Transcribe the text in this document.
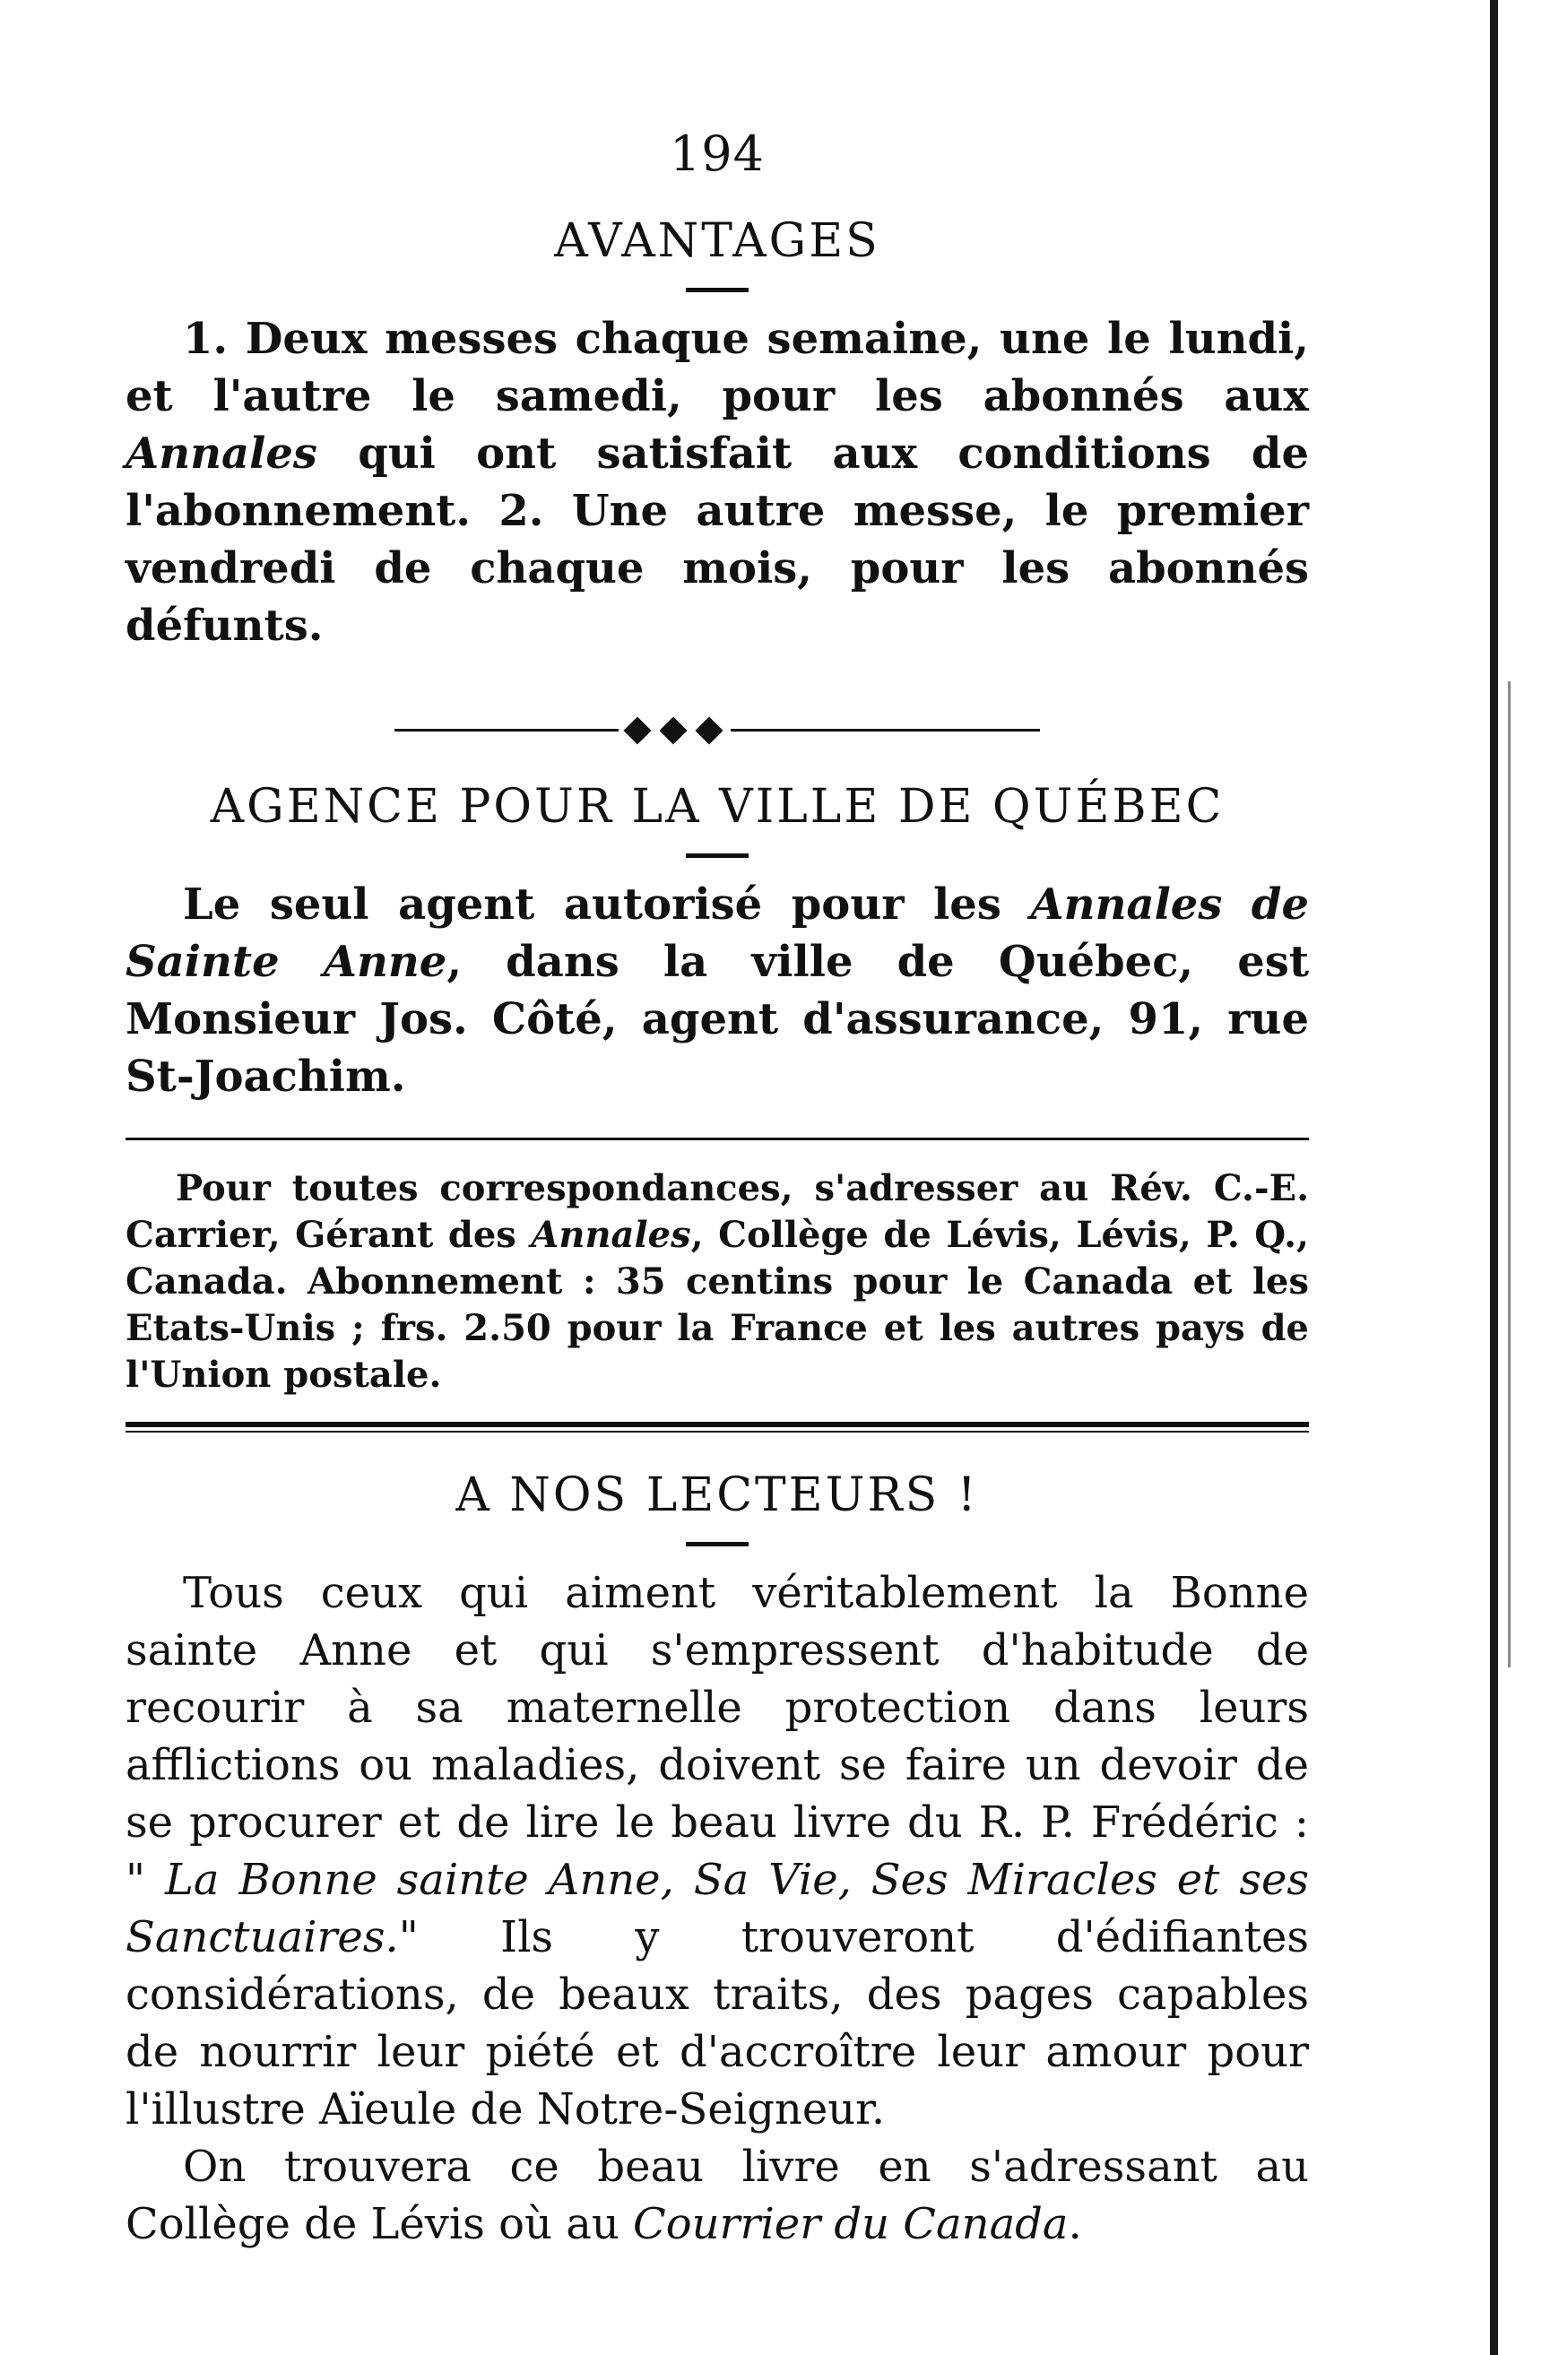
194
AVANTAGES

1. Deux messes chaque semaine, une le lundi, et l'autre le samedi, pour les abonnés aux Annales qui ont satisfait aux conditions de l'abonnement. 2. Une autre messe, le premier vendredi de chaque mois, pour les abonnés défunts.

AGENCE POUR LA VILLE DE QUÉBEC

Le seul agent autorisé pour les Annales de Sainte Anne, dans la ville de Québec, est Monsieur Jos. Côté, agent d'assurance, 91, rue St-Joachim.

Pour toutes correspondances, s'adresser au Rév. C.-E. Carrier, Gérant des Annales, Collège de Lévis, Lévis, P. Q., Canada. Abonnement : 35 centins pour le Canada et les Etats-Unis ; frs. 2.50 pour la France et les autres pays de l'Union postale.

A NOS LECTEURS !

Tous ceux qui aiment véritablement la Bonne sainte Anne et qui s'empressent d'habitude de recourir à sa maternelle protection dans leurs afflictions ou maladies, doivent se faire un devoir de se procurer et de lire le beau livre du R. P. Frédéric : " La Bonne sainte Anne, Sa Vie, Ses Miracles et ses Sanctuaires." Ils y trouveront d'édifiantes considérations, de beaux traits, des pages capables de nourrir leur piété et d'accroître leur amour pour l'illustre Aïeule de Notre-Seigneur.

On trouvera ce beau livre en s'adressant au Collège de Lévis où au Courrier du Canada.
